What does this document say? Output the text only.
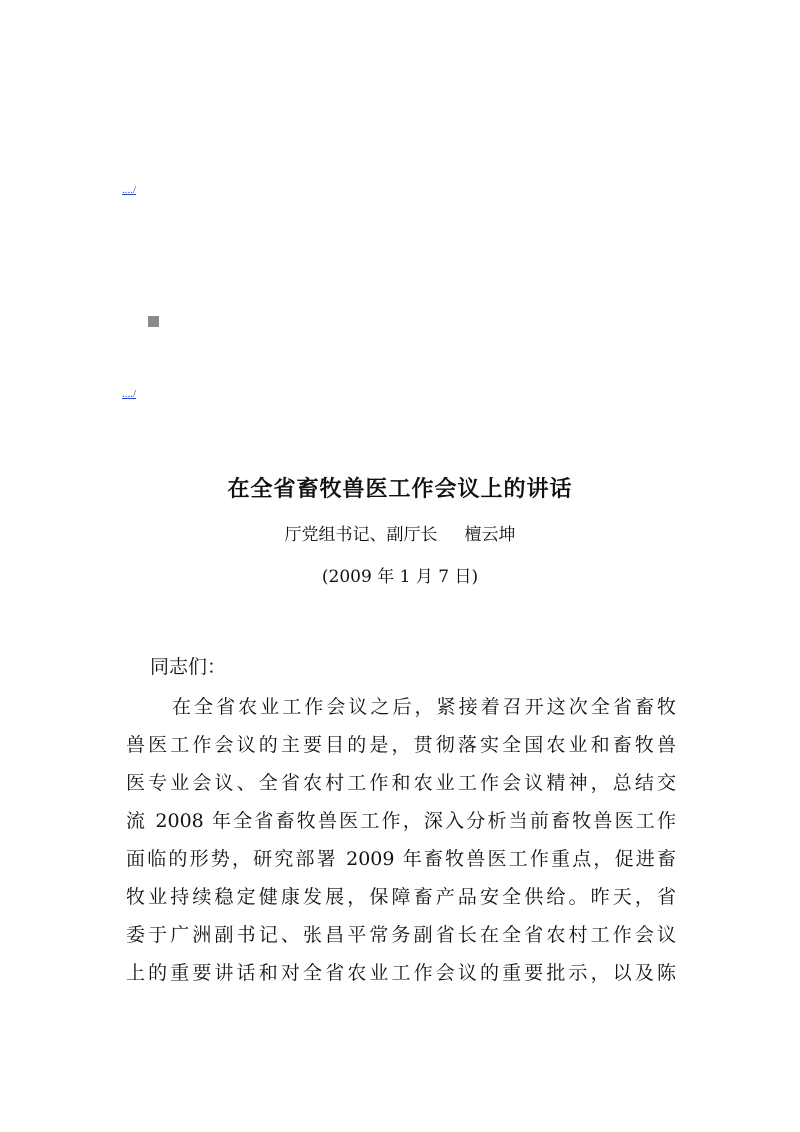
..../
..../
在全省畜牧兽医工作会议上的讲话
厅党组书记、副厅长     檀云坤
(2009 年 1 月 7 日)
同志们：
在全省农业工作会议之后，紧接着召开这次全省畜牧
兽医工作会议的主要目的是，贯彻落实全国农业和畜牧兽
医专业会议、全省农村工作和农业工作会议精神，总结交
流 2008 年全省畜牧兽医工作，深入分析当前畜牧兽医工作
面临的形势，研究部署 2009 年畜牧兽医工作重点，促进畜
牧业持续稳定健康发展，保障畜产品安全供给。昨天，省
委于广洲副书记、张昌平常务副省长在全省农村工作会议
上的重要讲话和对全省农业工作会议的重要批示，以及陈
